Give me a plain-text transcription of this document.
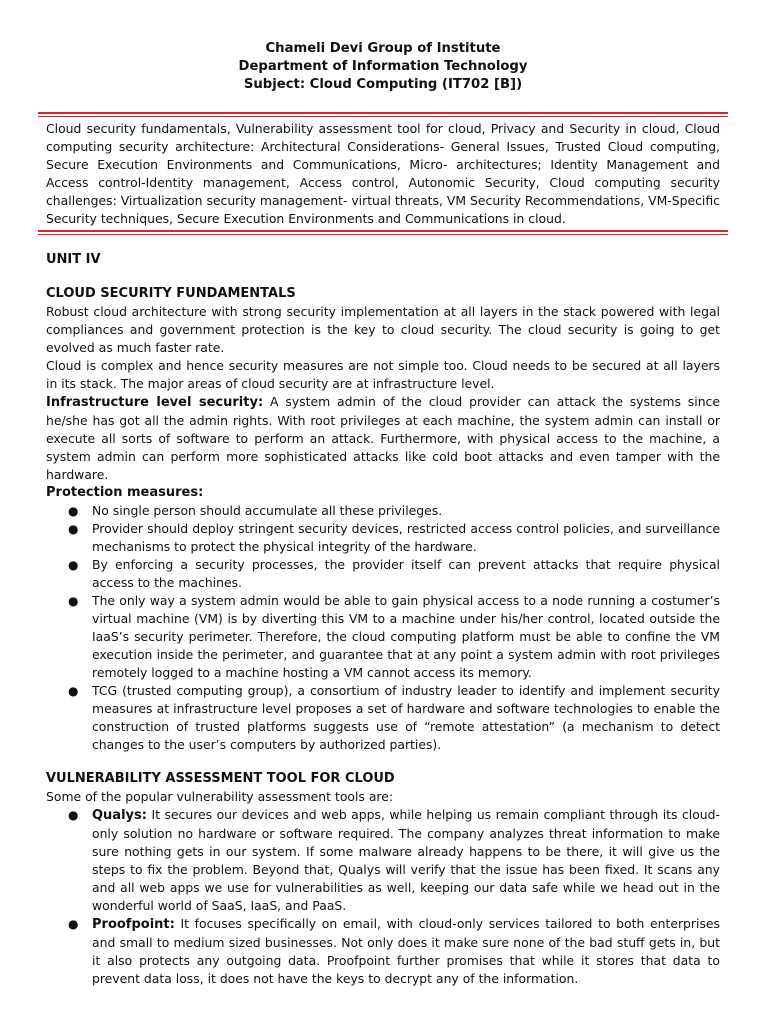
Chameli Devi Group of Institute
Department of Information Technology
Subject: Cloud Computing (IT702 [B])
Cloud security fundamentals, Vulnerability assessment tool for cloud, Privacy and Security in cloud, Cloud computing security architecture: Architectural Considerations- General Issues, Trusted Cloud computing, Secure Execution Environments and Communications, Micro- architectures; Identity Management and Access control-Identity management, Access control, Autonomic Security, Cloud computing security challenges: Virtualization security management- virtual threats, VM Security Recommendations, VM-Specific Security techniques, Secure Execution Environments and Communications in cloud.
UNIT IV
CLOUD SECURITY FUNDAMENTALS

Robust cloud architecture with strong security implementation at all layers in the stack powered with legal compliances and government protection is the key to cloud security. The cloud security is going to get evolved as much faster rate.

Cloud is complex and hence security measures are not simple too. Cloud needs to be secured at all layers in its stack. The major areas of cloud security are at infrastructure level.

Infrastructure level security: A system admin of the cloud provider can attack the systems since he/she has got all the admin rights. With root privileges at each machine, the system admin can install or execute all sorts of software to perform an attack. Furthermore, with physical access to the machine, a system admin can perform more sophisticated attacks like cold boot attacks and even tamper with the hardware.

Protection measures:
● No single person should accumulate all these privileges.
● Provider should deploy stringent security devices, restricted access control policies, and surveillance mechanisms to protect the physical integrity of the hardware.
● By enforcing a security processes, the provider itself can prevent attacks that require physical access to the machines.
● The only way a system admin would be able to gain physical access to a node running a costumer’s virtual machine (VM) is by diverting this VM to a machine under his/her control, located outside the IaaS’s security perimeter. Therefore, the cloud computing platform must be able to confine the VM execution inside the perimeter, and guarantee that at any point a system admin with root privileges remotely logged to a machine hosting a VM cannot access its memory.
● TCG (trusted computing group), a consortium of industry leader to identify and implement security measures at infrastructure level proposes a set of hardware and software technologies to enable the construction of trusted platforms suggests use of “remote attestation” (a mechanism to detect changes to the user’s computers by authorized parties).
VULNERABILITY ASSESSMENT TOOL FOR CLOUD

Some of the popular vulnerability assessment tools are:

● Qualys: It secures our devices and web apps, while helping us remain compliant through its cloud-only solution no hardware or software required. The company analyzes threat information to make sure nothing gets in our system. If some malware already happens to be there, it will give us the steps to fix the problem. Beyond that, Qualys will verify that the issue has been fixed. It scans any and all web apps we use for vulnerabilities as well, keeping our data safe while we head out in the wonderful world of SaaS, IaaS, and PaaS.
● Proofpoint: It focuses specifically on email, with cloud-only services tailored to both enterprises and small to medium sized businesses. Not only does it make sure none of the bad stuff gets in, but it also protects any outgoing data. Proofpoint further promises that while it stores that data to prevent data loss, it does not have the keys to decrypt any of the information.
